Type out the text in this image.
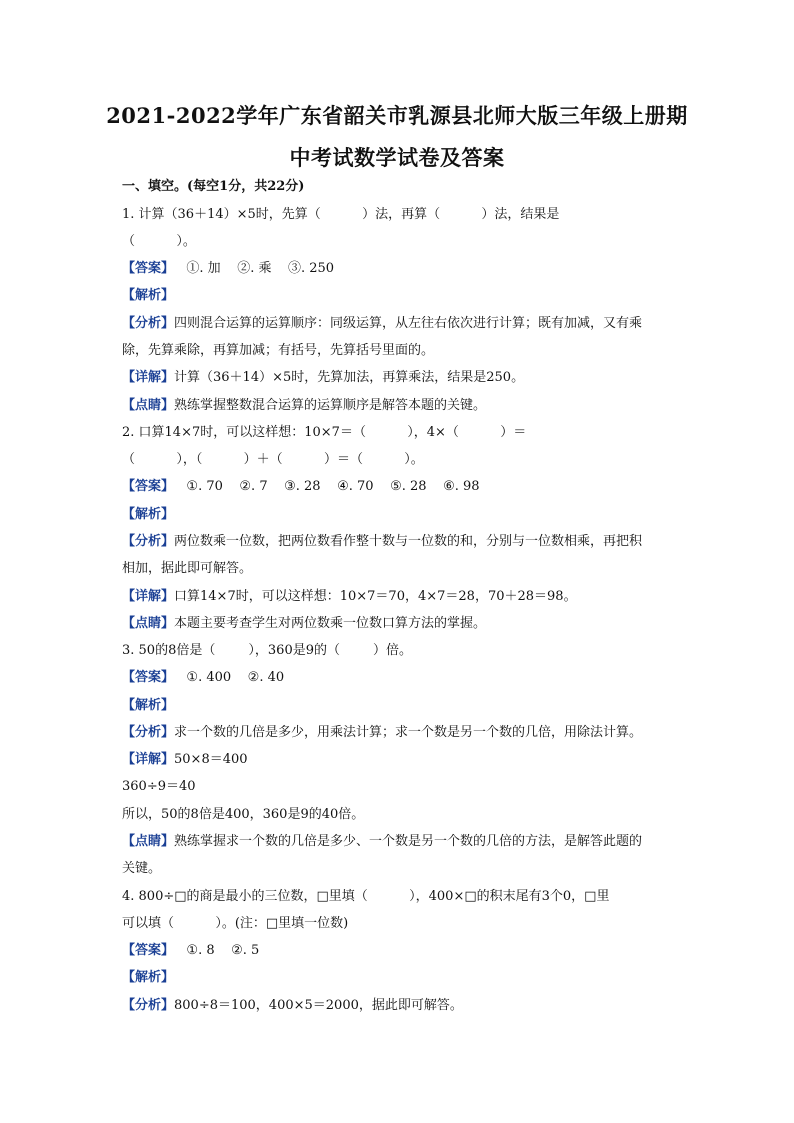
2021-2022学年广东省韶关市乳源县北师大版三年级上册期
中考试数学试卷及答案
一、填空。(每空1分，共22分)
1. 计算（36＋14）×5时，先算（          ）法，再算（          ）法，结果是
（          ）。
【答案】   ①. 加    ②. 乘    ③. 250
【解析】
【分析】四则混合运算的运算顺序：同级运算，从左往右依次进行计算；既有加减，又有乘
除，先算乘除，再算加减；有括号，先算括号里面的。
【详解】计算（36＋14）×5时，先算加法，再算乘法，结果是250。
【点睛】熟练掌握整数混合运算的运算顺序是解答本题的关键。
2. 口算14×7时，可以这样想：10×7＝（          ），4×（          ）＝
（          ），（          ）＋（          ）＝（          ）。
【答案】   ①. 70    ②. 7    ③. 28    ④. 70    ⑤. 28    ⑥. 98
【解析】
【分析】两位数乘一位数，把两位数看作整十数与一位数的和，分别与一位数相乘，再把积
相加，据此即可解答。
【详解】口算14×7时，可以这样想：10×7＝70，4×7＝28，70＋28＝98。
【点睛】本题主要考查学生对两位数乘一位数口算方法的掌握。
3. 50的8倍是（        ），360是9的（        ）倍。
【答案】   ①. 400    ②. 40
【解析】
【分析】求一个数的几倍是多少，用乘法计算；求一个数是另一个数的几倍，用除法计算。
【详解】50×8＝400
360÷9＝40
所以，50的8倍是400，360是9的40倍。
【点睛】熟练掌握求一个数的几倍是多少、一个数是另一个数的几倍的方法，是解答此题的
关键。
4. 800÷□的商是最小的三位数，□里填（          ），400×□的积末尾有3个0，□里
可以填（          ）。(注：□里填一位数)
【答案】   ①. 8    ②. 5
【解析】
【分析】800÷8＝100，400×5＝2000，据此即可解答。
